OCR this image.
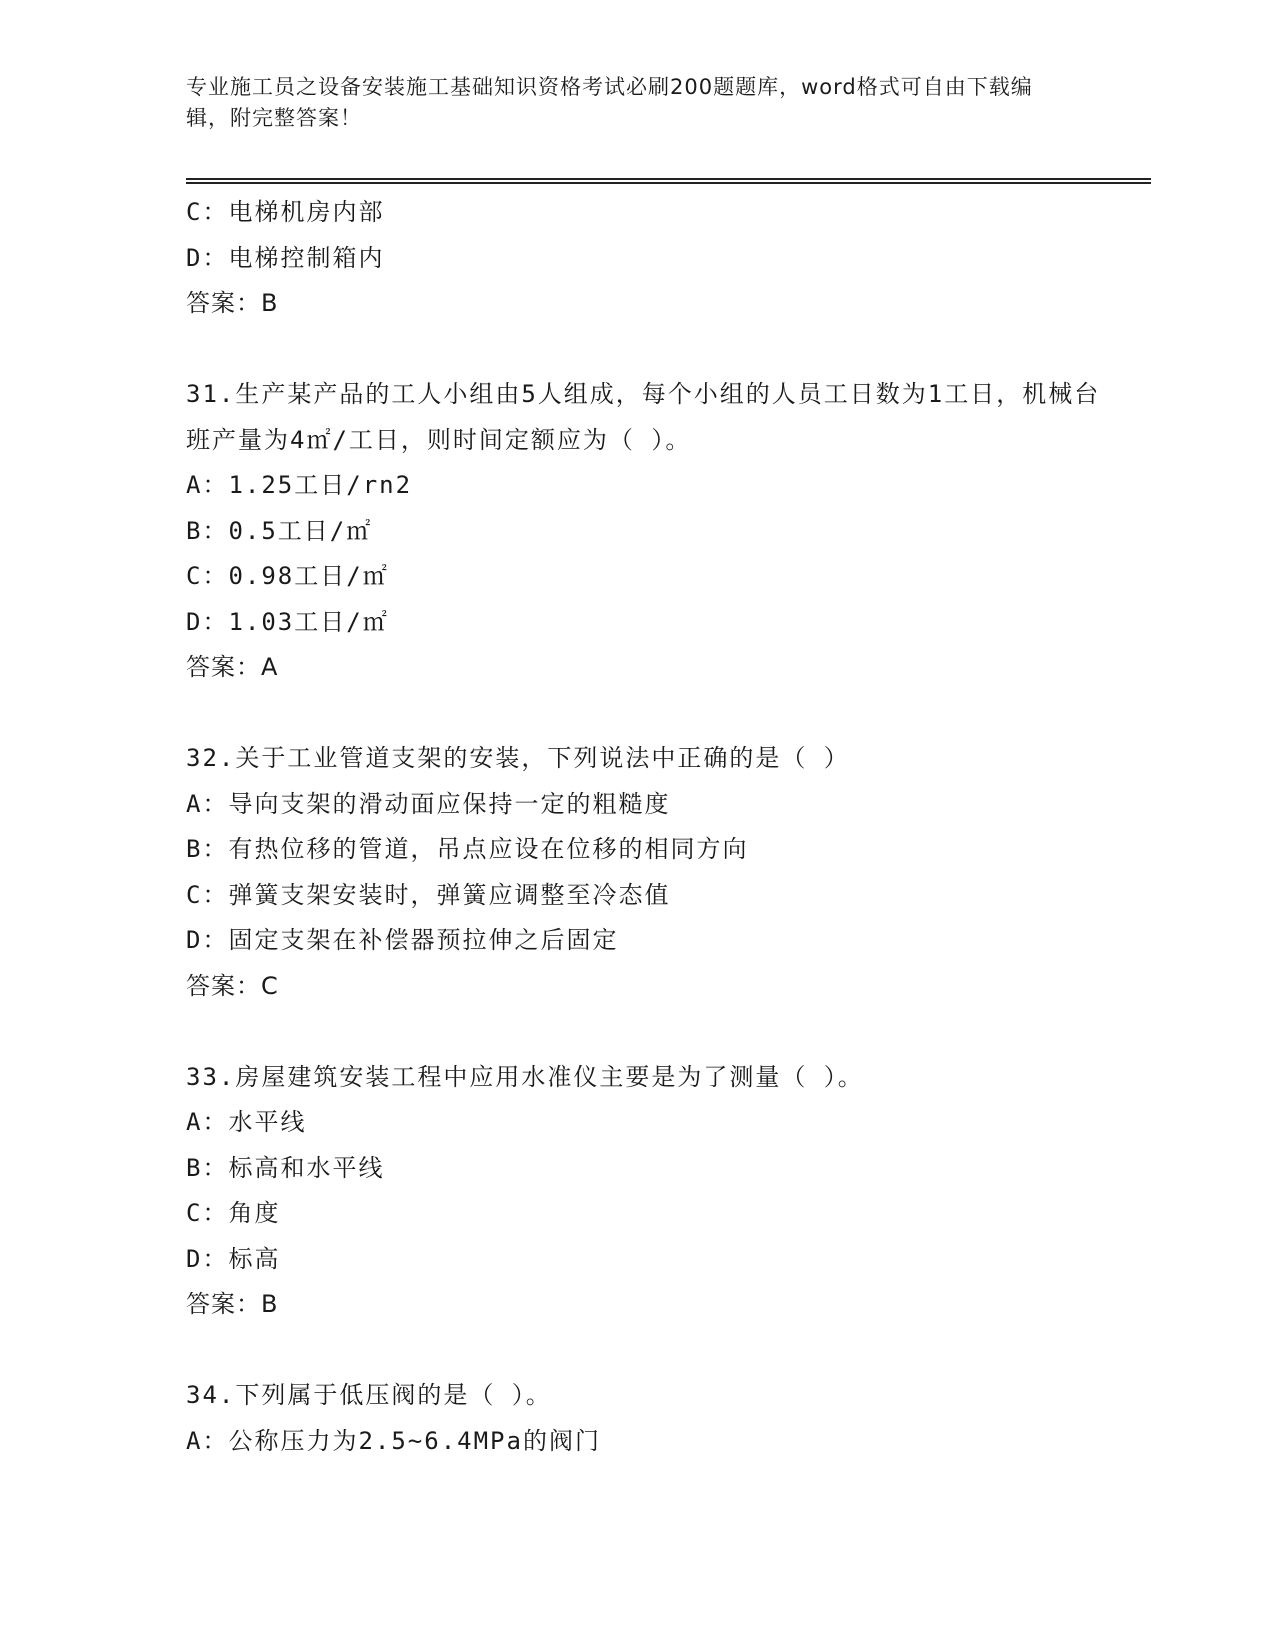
专业施工员之设备安装施工基础知识资格考试必刷200题题库，word格式可自由下载编辑，附完整答案！
C：电梯机房内部
D：电梯控制箱内
答案：B
31.生产某产品的工人小组由5人组成，每个小组的人员工日数为1工日，机械台班产量为4㎡/工日，则时间定额应为（ ）。
A：1.25工日/rn2
B：0.5工日/㎡
C：0.98工日/㎡
D：1.03工日/㎡
答案：A
32.关于工业管道支架的安装，下列说法中正确的是（ ）
A：导向支架的滑动面应保持一定的粗糙度
B：有热位移的管道，吊点应设在位移的相同方向
C：弹簧支架安装时，弹簧应调整至冷态值
D：固定支架在补偿器预拉伸之后固定
答案：C
33.房屋建筑安装工程中应用水准仪主要是为了测量（ ）。
A：水平线
B：标高和水平线
C：角度
D：标高
答案：B
34.下列属于低压阀的是（ ）。
A：公称压力为2.5~6.4MPa的阀门
